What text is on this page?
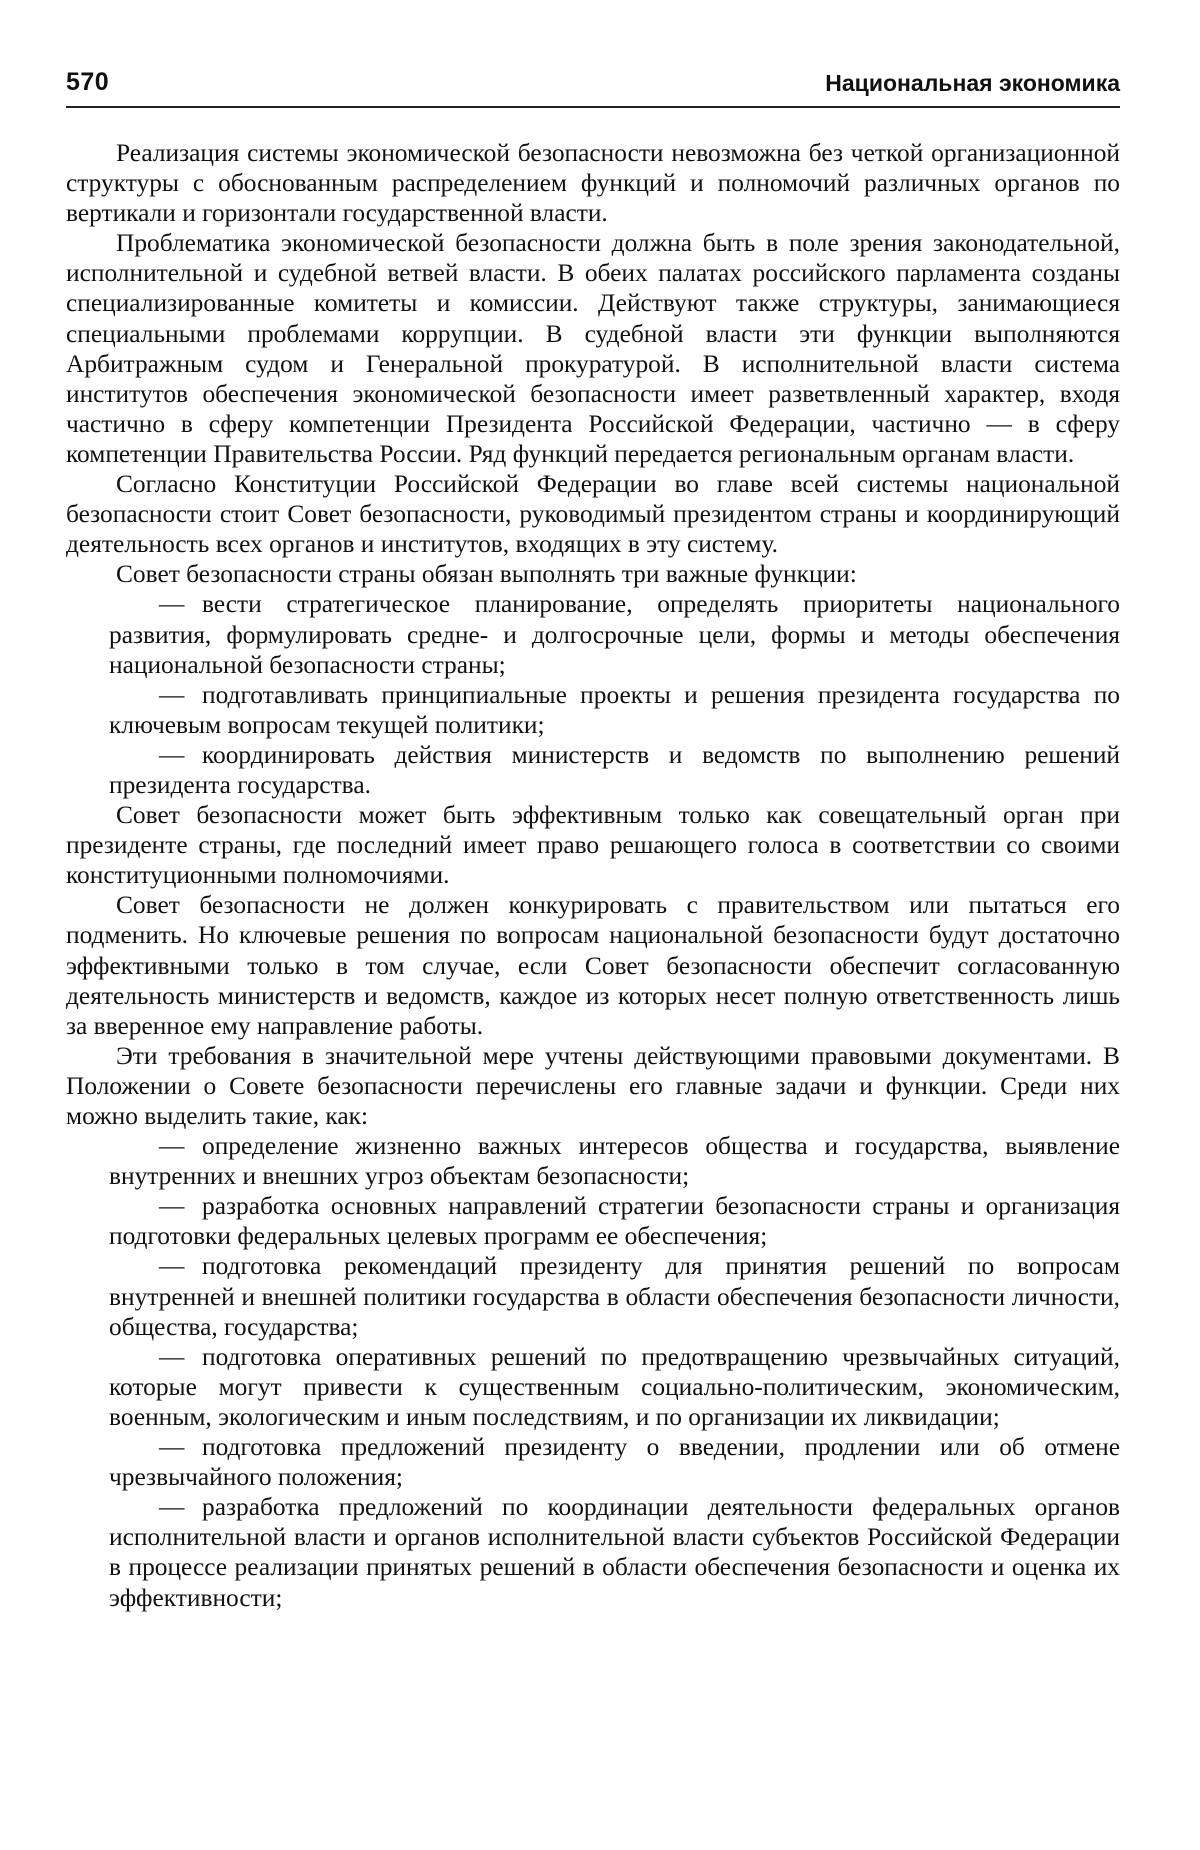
570	Национальная экономика

Реализация системы экономической безопасности невозможна без четкой организационной структуры с обоснованным распределением функций и полномочий различных органов по вертикали и горизонтали государственной власти.

Проблематика экономической безопасности должна быть в поле зрения законодательной, исполнительной и судебной ветвей власти. В обеих палатах российского парламента созданы специализированные комитеты и комиссии. Действуют также структуры, занимающиеся специальными проблемами коррупции. В судебной власти эти функции выполняются Арбитражным судом и Генеральной прокуратурой. В исполнительной власти система институтов обеспечения экономической безопасности имеет разветвленный характер, входя частично в сферу компетенции Президента Российской Федерации, частично — в сферу компетенции Правительства России. Ряд функций передается региональным органам власти.

Согласно Конституции Российской Федерации во главе всей системы национальной безопасности стоит Совет безопасности, руководимый президентом страны и координирующий деятельность всех органов и институтов, входящих в эту систему.

Совет безопасности страны обязан выполнять три важные функции:

— вести стратегическое планирование, определять приоритеты национального развития, формулировать средне- и долгосрочные цели, формы и методы обеспечения национальной безопасности страны;

— подготавливать принципиальные проекты и решения президента государства по ключевым вопросам текущей политики;

— координировать действия министерств и ведомств по выполнению решений президента государства.

Совет безопасности может быть эффективным только как совещательный орган при президенте страны, где последний имеет право решающего голоса в соответствии со своими конституционными полномочиями.

Совет безопасности не должен конкурировать с правительством или пытаться его подменить. Но ключевые решения по вопросам национальной безопасности будут достаточно эффективными только в том случае, если Совет безопасности обеспечит согласованную деятельность министерств и ведомств, каждое из которых несет полную ответственность лишь за вверенное ему направление работы.

Эти требования в значительной мере учтены действующими правовыми документами. В Положении о Совете безопасности перечислены его главные задачи и функции. Среди них можно выделить такие, как:

— определение жизненно важных интересов общества и государства, выявление внутренних и внешних угроз объектам безопасности;

— разработка основных направлений стратегии безопасности страны и организация подготовки федеральных целевых программ ее обеспечения;

— подготовка рекомендаций президенту для принятия решений по вопросам внутренней и внешней политики государства в области обеспечения безопасности личности, общества, государства;

— подготовка оперативных решений по предотвращению чрезвычайных ситуаций, которые могут привести к существенным социально-политическим, экономическим, военным, экологическим и иным последствиям, и по организации их ликвидации;

— подготовка предложений президенту о введении, продлении или об отмене чрезвычайного положения;

— разработка предложений по координации деятельности федеральных органов исполнительной власти и органов исполнительной власти субъектов Российской Федерации в процессе реализации принятых решений в области обеспечения безопасности и оценка их эффективности;
